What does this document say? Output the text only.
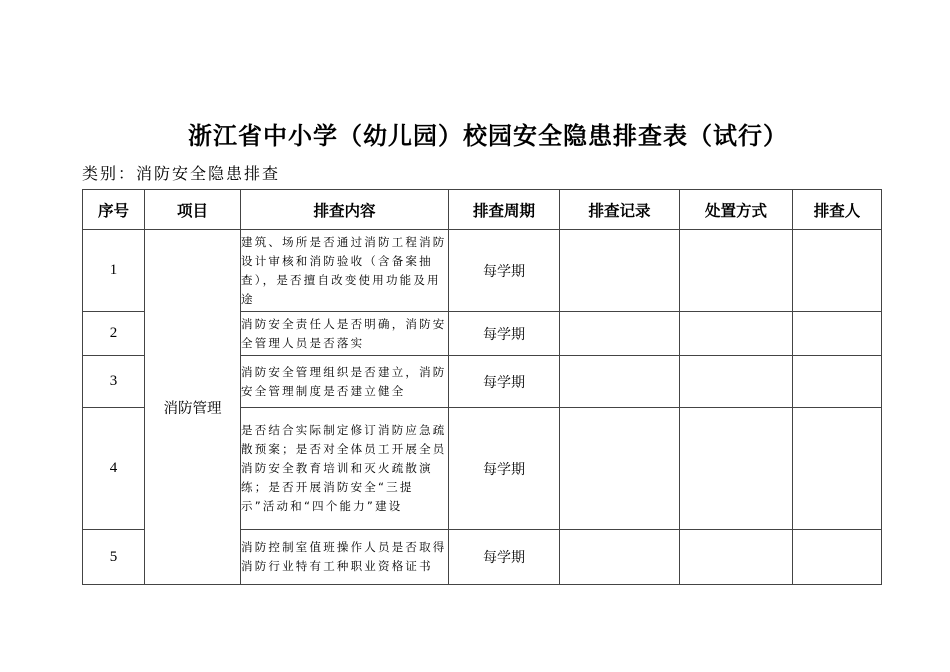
浙江省中小学（幼儿园）校园安全隐患排查表（试行）
类别：消防安全隐患排查
序号	项目	排查内容	排查周期	排查记录	处置方式	排查人
1	消防管理	建筑、场所是否通过消防工程消防设计审核和消防验收（含备案抽查），是否擅自改变使用功能及用途	每学期			
2		消防安全责任人是否明确，消防安全管理人员是否落实	每学期			
3		消防安全管理组织是否建立，消防安全管理制度是否建立健全	每学期			
4		是否结合实际制定修订消防应急疏散预案；是否对全体员工开展全员消防安全教育培训和灭火疏散演练；是否开展消防安全“三提示”活动和“四个能力”建设	每学期			
5		消防控制室值班操作人员是否取得消防行业特有工种职业资格证书	每学期			
